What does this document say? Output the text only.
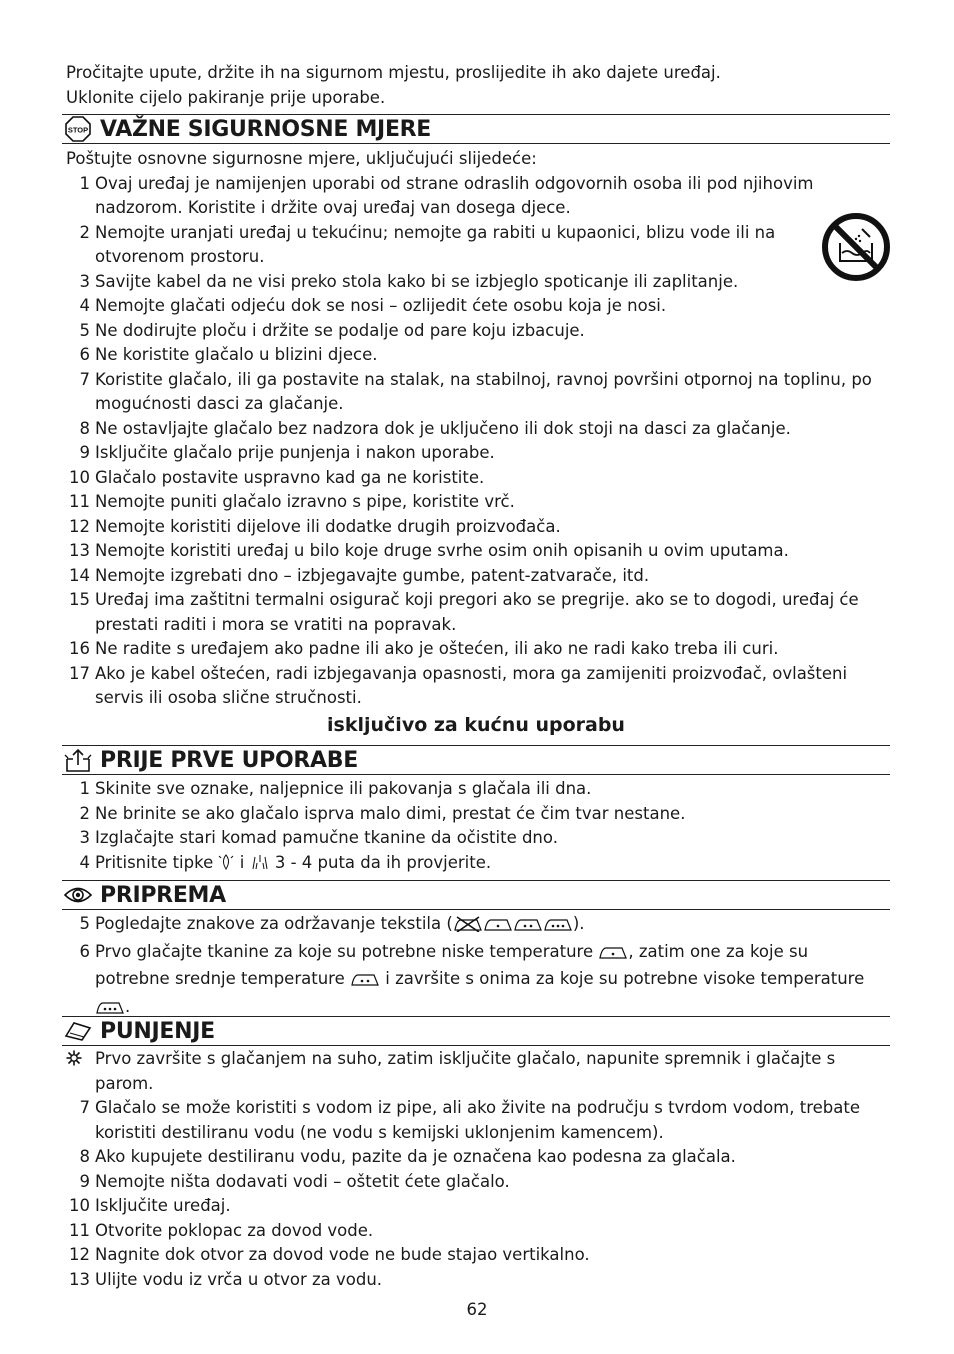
Pročitajte upute, držite ih na sigurnom mjestu, proslijedite ih ako dajete uređaj.
Uklonite cijelo pakiranje prije uporabe.
STOP VAŽNE SIGURNOSNE MJERE
Poštujte osnovne sigurnosne mjere, uključujući slijedeće:
1 Ovaj uređaj je namijenjen uporabi od strane odraslih odgovornih osoba ili pod njihovim nadzorom. Koristite i držite ovaj uređaj van dosega djece.
2 Nemojte uranjati uređaj u tekućinu; nemojte ga rabiti u kupaonici, blizu vode ili na otvorenom prostoru.
3 Savijte kabel da ne visi preko stola kako bi se izbjeglo spoticanje ili zaplitanje.
4 Nemojte glačati odjeću dok se nosi – ozlijedit ćete osobu koja je nosi.
5 Ne dodirujte ploču i držite se podalje od pare koju izbacuje.
6 Ne koristite glačalo u blizini djece.
7 Koristite glačalo, ili ga postavite na stalak, na stabilnoj, ravnoj površini otpornoj na toplinu, po mogućnosti dasci za glačanje.
8 Ne ostavljajte glačalo bez nadzora dok je uključeno ili dok stoji na dasci za glačanje.
9 Isključite glačalo prije punjenja i nakon uporabe.
10 Glačalo postavite uspravno kad ga ne koristite.
11 Nemojte puniti glačalo izravno s pipe, koristite vrč.
12 Nemojte koristiti dijelove ili dodatke drugih proizvođača.
13 Nemojte koristiti uređaj u bilo koje druge svrhe osim onih opisanih u ovim uputama.
14 Nemojte izgrebati dno – izbjegavajte gumbe, patent-zatvarače, itd.
15 Uređaj ima zaštitni termalni osigurač koji pregori ako se pregrije. ako se to dogodi, uređaj će prestati raditi i mora se vratiti na popravak.
16 Ne radite s uređajem ako padne ili ako je oštećen, ili ako ne radi kako treba ili curi.
17 Ako je kabel oštećen, radi izbjegavanja opasnosti, mora ga zamijeniti proizvođač, ovlašteni servis ili osoba slične stručnosti.
isključivo za kućnu uporabu
PRIJE PRVE UPORABE
1 Skinite sve oznake, naljepnice ili pakovanja s glačala ili dna.
2 Ne brinite se ako glačalo isprva malo dimi, prestat će čim tvar nestane.
3 Izglačajte stari komad pamučne tkanine da očistite dno.
4 Pritisnite tipke i 3 - 4 puta da ih provjerite.
PRIPREMA
5 Pogledajte znakove za održavanje tekstila (	).
6 Prvo glačajte tkanine za koje su potrebne niske temperature , zatim one za koje su potrebne srednje temperature i završite s onima za koje su potrebne visoke temperature .
PUNJENJE
Prvo završite s glačanjem na suho, zatim isključite glačalo, napunite spremnik i glačajte s parom.
7 Glačalo se može koristiti s vodom iz pipe, ali ako živite na području s tvrdom vodom, trebate koristiti destiliranu vodu (ne vodu s kemijski uklonjenim kamencem).
8 Ako kupujete destiliranu vodu, pazite da je označena kao podesna za glačala.
9 Nemojte ništa dodavati vodi – oštetit ćete glačalo.
10 Isključite uređaj.
11 Otvorite poklopac za dovod vode.
12 Nagnite dok otvor za dovod vode ne bude stajao vertikalno.
13 Ulijte vodu iz vrča u otvor za vodu.
62
